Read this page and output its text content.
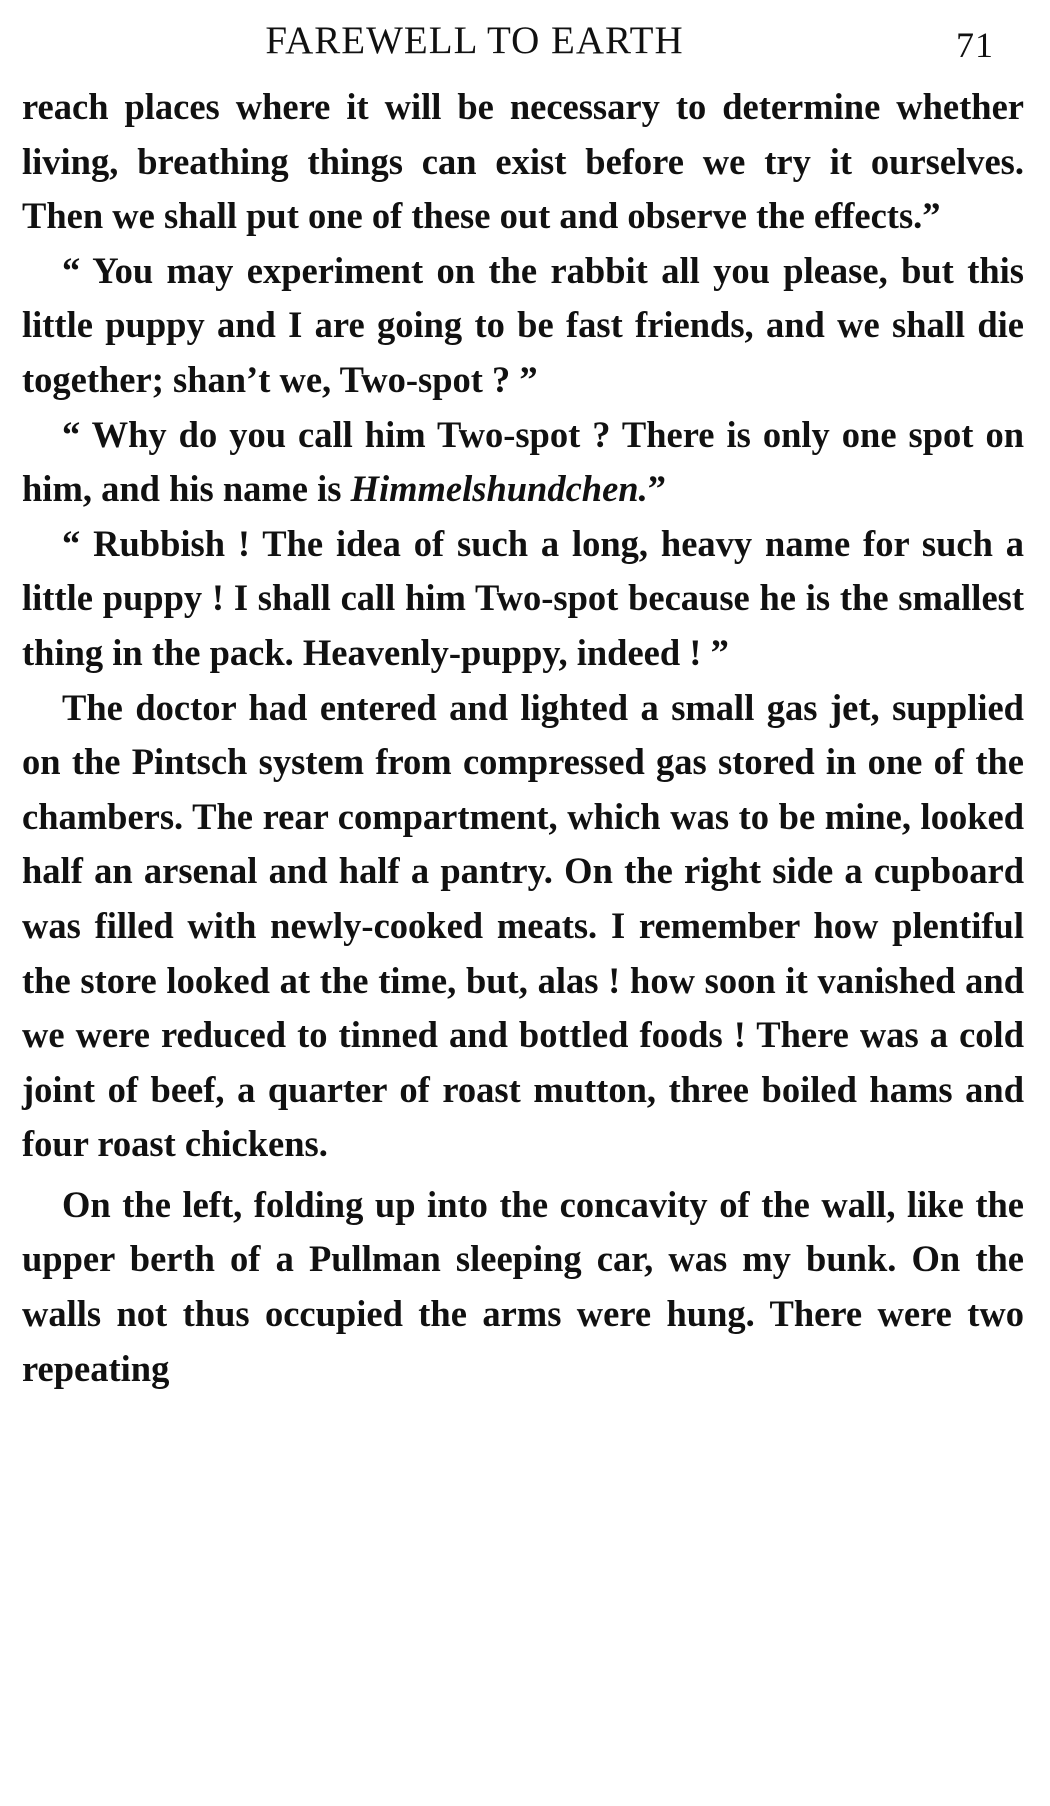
FAREWELL TO EARTH	71

reach places where it will be necessary to determine whether living, breathing things can exist before we try it ourselves. Then we shall put one of these out and observe the effects.”

“ You may experiment on the rabbit all you please, but this little puppy and I are going to be fast friends, and we shall die together; shan’t we, Two-spot ? ”

“ Why do you call him Two-spot ? There is only one spot on him, and his name is Himmelshundchen.”

“ Rubbish ! The idea of such a long, heavy name for such a little puppy ! I shall call him Two-spot because he is the smallest thing in the pack. Heavenly-puppy, indeed ! ”

The doctor had entered and lighted a small gas jet, supplied on the Pintsch system from compressed gas stored in one of the chambers. The rear compartment, which was to be mine, looked half an arsenal and half a pantry. On the right side a cupboard was filled with newly-cooked meats. I remember how plentiful the store looked at the time, but, alas ! how soon it vanished and we were reduced to tinned and bottled foods ! There was a cold joint of beef, a quarter of roast mutton, three boiled hams and four roast chickens.

On the left, folding up into the concavity of the wall, like the upper berth of a Pullman sleeping car, was my bunk. On the walls not thus occupied the arms were hung. There were two repeating
